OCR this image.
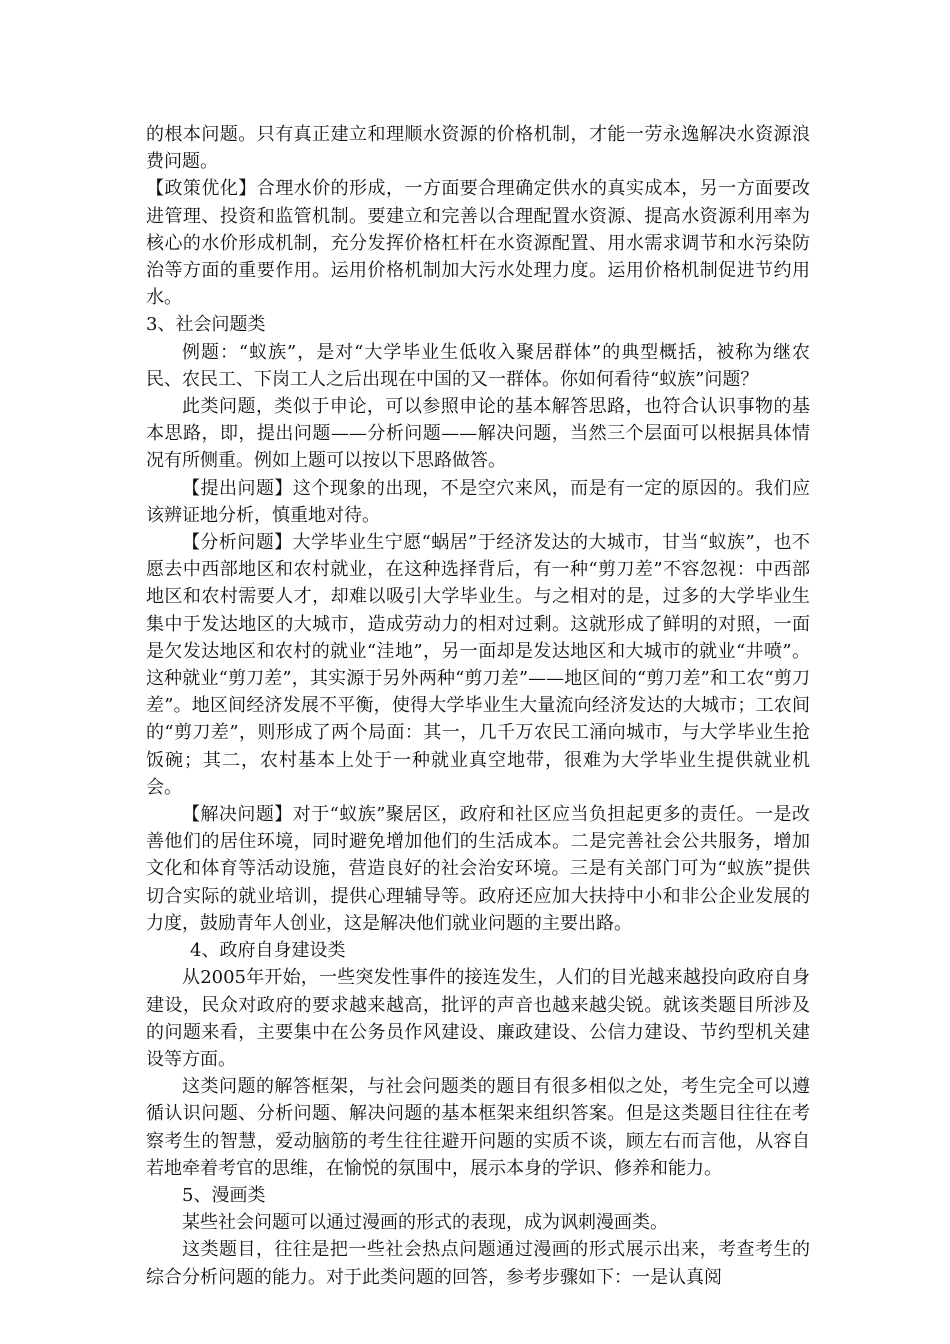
的根本问题。只有真正建立和理顺水资源的价格机制，才能一劳永逸解决水资源浪费问题。

【政策优化】合理水价的形成，一方面要合理确定供水的真实成本，另一方面要改进管理、投资和监管机制。要建立和完善以合理配置水资源、提高水资源利用率为核心的水价形成机制，充分发挥价格杠杆在水资源配置、用水需求调节和水污染防治等方面的重要作用。运用价格机制加大污水处理力度。运用价格机制促进节约用水。

3、社会问题类

例题：“蚁族”，是对“大学毕业生低收入聚居群体”的典型概括，被称为继农民、农民工、下岗工人之后出现在中国的又一群体。你如何看待“蚁族”问题？

此类问题，类似于申论，可以参照申论的基本解答思路，也符合认识事物的基本思路，即，提出问题——分析问题——解决问题，当然三个层面可以根据具体情况有所侧重。例如上题可以按以下思路做答。

【提出问题】这个现象的出现，不是空穴来风，而是有一定的原因的。我们应该辨证地分析，慎重地对待。

【分析问题】大学毕业生宁愿“蜗居”于经济发达的大城市，甘当“蚁族”，也不愿去中西部地区和农村就业，在这种选择背后，有一种“剪刀差”不容忽视：中西部地区和农村需要人才，却难以吸引大学毕业生。与之相对的是，过多的大学毕业生集中于发达地区的大城市，造成劳动力的相对过剩。这就形成了鲜明的对照，一面是欠发达地区和农村的就业“洼地”，另一面却是发达地区和大城市的就业“井喷”。这种就业“剪刀差”，其实源于另外两种“剪刀差”——地区间的“剪刀差”和工农“剪刀差”。地区间经济发展不平衡，使得大学毕业生大量流向经济发达的大城市；工农间的“剪刀差”，则形成了两个局面：其一，几千万农民工涌向城市，与大学毕业生抢饭碗；其二，农村基本上处于一种就业真空地带，很难为大学毕业生提供就业机会。

【解决问题】对于“蚁族”聚居区，政府和社区应当负担起更多的责任。一是改善他们的居住环境，同时避免增加他们的生活成本。二是完善社会公共服务，增加文化和体育等活动设施，营造良好的社会治安环境。三是有关部门可为“蚁族”提供切合实际的就业培训，提供心理辅导等。政府还应加大扶持中小和非公企业发展的力度，鼓励青年人创业，这是解决他们就业问题的主要出路。

4、政府自身建设类

从2005年开始，一些突发性事件的接连发生，人们的目光越来越投向政府自身建设，民众对政府的要求越来越高，批评的声音也越来越尖锐。就该类题目所涉及的问题来看，主要集中在公务员作风建设、廉政建设、公信力建设、节约型机关建设等方面。

这类问题的解答框架，与社会问题类的题目有很多相似之处，考生完全可以遵循认识问题、分析问题、解决问题的基本框架来组织答案。但是这类题目往往在考察考生的智慧，爱动脑筋的考生往往避开问题的实质不谈，顾左右而言他，从容自若地牵着考官的思维，在愉悦的氛围中，展示本身的学识、修养和能力。

5、漫画类

某些社会问题可以通过漫画的形式的表现，成为讽刺漫画类。

这类题目，往往是把一些社会热点问题通过漫画的形式展示出来，考查考生的综合分析问题的能力。对于此类问题的回答，参考步骤如下：一是认真阅
